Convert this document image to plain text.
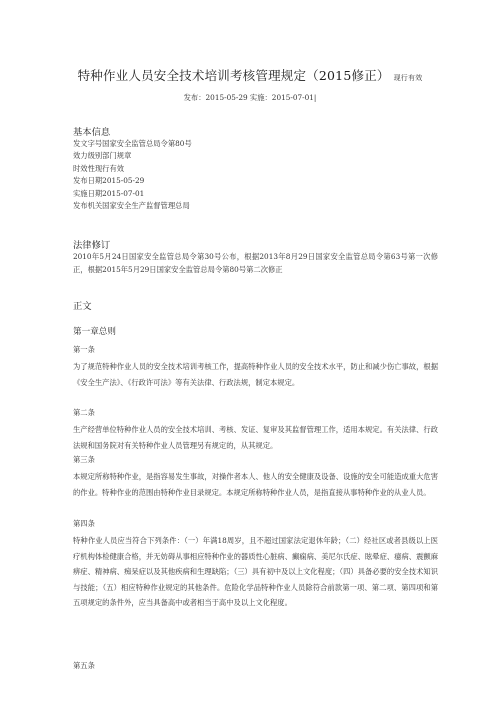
特种作业人员安全技术培训考核管理规定（2015修正） 现行有效
发布：2015-05-29 实施：2015-07-01|
基本信息
发文字号国家安全监管总局令第80号
效力级别部门规章
时效性现行有效
发布日期2015-05-29
实施日期2015-07-01
发布机关国家安全生产监督管理总局
法律修订
2010年5月24日国家安全监管总局令第30号公布，根据2013年8月29日国家安全监管总局令第63号第一次修正，根据2015年5月29日国家安全监管总局令第80号第二次修正
正文
第一章总则
第一条
为了规范特种作业人员的安全技术培训考核工作，提高特种作业人员的安全技术水平，防止和减少伤亡事故，根据《安全生产法》、《行政许可法》等有关法律、行政法规，制定本规定。
第二条
生产经营单位特种作业人员的安全技术培训、考核、发证、复审及其监督管理工作，适用本规定。有关法律、行政法规和国务院对有关特种作业人员管理另有规定的，从其规定。
第三条
本规定所称特种作业，是指容易发生事故，对操作者本人、他人的安全健康及设备、设施的安全可能造成重大危害的作业。特种作业的范围由特种作业目录规定。本规定所称特种作业人员，是指直接从事特种作业的从业人员。
第四条
特种作业人员应当符合下列条件：（一）年满18周岁，且不超过国家法定退休年龄；（二）经社区或者县级以上医疗机构体检健康合格，并无妨碍从事相应特种作业的器质性心脏病、癫痫病、美尼尔氏症、眩晕症、癔病、震颤麻痹症、精神病、痴呆症以及其他疾病和生理缺陷；（三）具有初中及以上文化程度；（四）具备必要的安全技术知识与技能；（五）相应特种作业规定的其他条件。危险化学品特种作业人员除符合前款第一项、第二项、第四项和第五项规定的条件外，应当具备高中或者相当于高中及以上文化程度。
第五条
